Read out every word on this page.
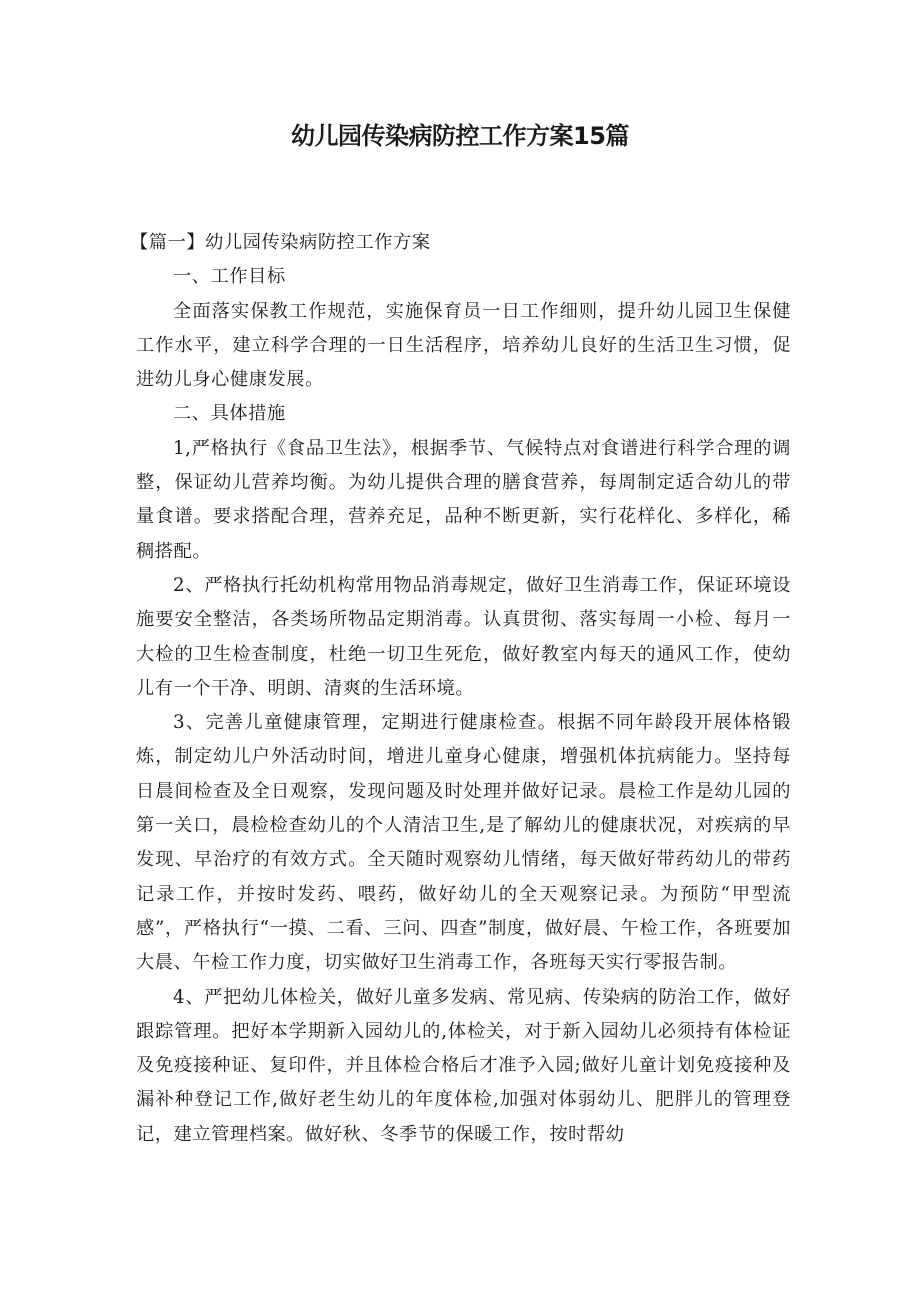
幼儿园传染病防控工作方案15篇

【篇一】幼儿园传染病防控工作方案

一、工作目标

全面落实保教工作规范，实施保育员一日工作细则，提升幼儿园卫生保健工作水平，建立科学合理的一日生活程序，培养幼儿良好的生活卫生习惯，促进幼儿身心健康发展。

二、具体措施

1,严格执行《食品卫生法》，根据季节、气候特点对食谱进行科学合理的调整，保证幼儿营养均衡。为幼儿提供合理的膳食营养，每周制定适合幼儿的带量食谱。要求搭配合理，营养充足，品种不断更新，实行花样化、多样化，稀稠搭配。

2、严格执行托幼机构常用物品消毒规定，做好卫生消毒工作，保证环境设施要安全整洁，各类场所物品定期消毒。认真贯彻、落实每周一小检、每月一大检的卫生检查制度，杜绝一切卫生死危，做好教室内每天的通风工作，使幼儿有一个干净、明朗、清爽的生活环境。

3、完善儿童健康管理，定期进行健康检查。根据不同年龄段开展体格锻炼，制定幼儿户外活动时间，增进儿童身心健康，增强机体抗病能力。坚持每日晨间检查及全日观察，发现问题及时处理并做好记录。晨检工作是幼儿园的第一关口，晨检检查幼儿的个人清洁卫生,是了解幼儿的健康状况，对疾病的早发现、早治疗的有效方式。全天随时观察幼儿情绪，每天做好带药幼儿的带药记录工作，并按时发药、喂药，做好幼儿的全天观察记录。为预防“甲型流感”，严格执行“一摸、二看、三问、四查”制度，做好晨、午检工作，各班要加大晨、午检工作力度，切实做好卫生消毒工作，各班每天实行零报告制。

4、严把幼儿体检关，做好儿童多发病、常见病、传染病的防治工作，做好跟踪管理。把好本学期新入园幼儿的,体检关，对于新入园幼儿必须持有体检证及免疫接种证、复印件，并且体检合格后才准予入园;做好儿童计划免疫接种及漏补种登记工作,做好老生幼儿的年度体检,加强对体弱幼儿、肥胖儿的管理登记，建立管理档案。做好秋、冬季节的保暖工作，按时帮幼
